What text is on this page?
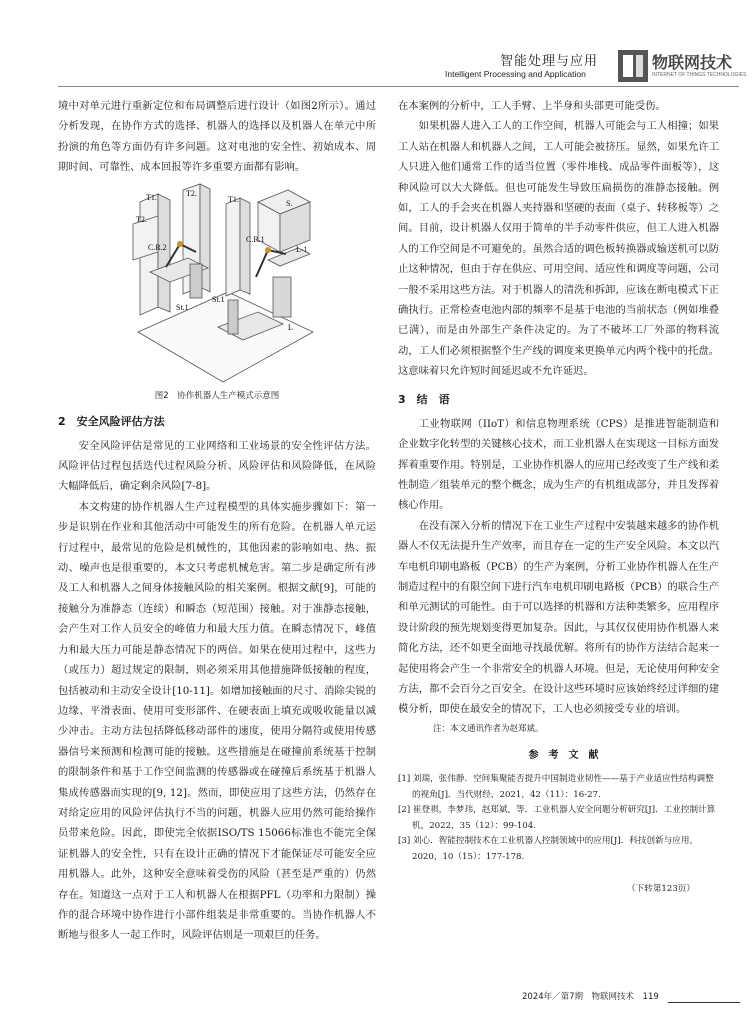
智能处理与应用
Intelligent Processing and Application
物联网技术
INTERNET OF THINGS TECHNOLOGIES

境中对单元进行重新定位和布局调整后进行设计（如图2所示）。通过分析发现，在协作方式的选择、机器人的选择以及机器人在单元中所扮演的角色等方面仍有许多问题。这对电池的安全性、初始成本、周期时间、可靠性、成本回报等许多重要方面都有影响。

T1.	T2.
T1.	S.
T2.
C.R.2
C.R.1
L-1
St.1
St.1
L
图2　协作机器人生产模式示意图

2　安全风险评估方法

安全风险评估是常见的工业网络和工业场景的安全性评估方法。风险评估过程包括迭代过程风险分析、风险评估和风险降低，在风险大幅降低后，确定剩余风险[7-8]。

本文构建的协作机器人生产过程模型的具体实施步骤如下：第一步是识别在作业和其他活动中可能发生的所有危险。在机器人单元运行过程中，最常见的危险是机械性的，其他因素的影响如电、热、振动、噪声也是很重要的，本文只考虑机械危害。第二步是确定所有涉及工人和机器人之间身体接触风险的相关案例。根据文献[9]，可能的接触分为准静态（连续）和瞬态（短范围）接触。对于准静态接触，会产生对工作人员安全的峰值力和最大压力值。在瞬态情况下，峰值力和最大压力可能是静态情况下的两倍。如果在使用过程中，这些力（或压力）超过规定的限制，则必须采用其他措施降低接触的程度，包括被动和主动安全设计[10-11]。如增加接触面的尺寸、消除尖锐的边缘、平滑表面、使用可变形部件、在硬表面上填充或吸收能量以减少冲击。主动方法包括降低移动部件的速度，使用分隔符或使用传感器信号来预测和检测可能的接触。这些措施是在碰撞前系统基于控制的限制条件和基于工作空间监测的传感器或在碰撞后系统基于机器人集成传感器而实现的[9, 12]。然而，即使应用了这些方法，仍然存在对给定应用的风险评估执行不当的问题，机器人应用仍然可能给操作员带来危险。因此，即使完全依据ISO/TS 15066标准也不能完全保证机器人的安全性，只有在设计正确的情况下才能保证尽可能安全应用机器人。此外，这种安全意味着受伤的风险（甚至是严重的）仍然存在。知道这一点对于工人和机器人在根据PFL（功率和力限制）操作的混合环境中协作进行小部件组装是非常重要的。当协作机器人不断地与很多人一起工作时，风险评估则是一项艰巨的任务。

在本案例的分析中，工人手臂、上半身和头部更可能受伤。

如果机器人进入工人的工作空间，机器人可能会与工人相撞；如果工人站在机器人和机器人之间，工人可能会被挤压。显然，如果允许工人只进入他们通常工作的适当位置（零件堆栈、成品零件面板等），这种风险可以大大降低。但也可能发生导致压扁损伤的准静态接触。例如，工人的手会夹在机器人夹持器和坚硬的表面（桌子、转移板等）之间。目前，设计机器人仅用于简单的半手动零件供应，但工人进入机器人的工作空间是不可避免的。虽然合适的调色板转换器或输送机可以防止这种情况，但由于存在供应、可用空间、适应性和调度等问题，公司一般不采用这些方法。对于机器人的清洗和拆卸，应该在断电模式下正确执行。正常检查电池内部的频率不是基于电池的当前状态（例如堆叠已满），而是由外部生产条件决定的。为了不破坏工厂外部的物料流动，工人们必须根据整个生产线的调度来更换单元内两个栈中的托盘。这意味着只允许短时间延迟或不允许延迟。

3　结　语

工业物联网（IIoT）和信息物理系统（CPS）是推进智能制造和企业数字化转型的关键核心技术，而工业机器人在实现这一目标方面发挥着重要作用。特别是，工业协作机器人的应用已经改变了生产线和柔性制造／组装单元的整个概念，成为生产的有机组成部分，并且发挥着核心作用。

在没有深入分析的情况下在工业生产过程中安装越来越多的协作机器人不仅无法提升生产效率，而且存在一定的生产安全风险。本文以汽车电机印刷电路板（PCB）的生产为案例，分析工业协作机器人在生产制造过程中的有限空间下进行汽车电机印刷电路板（PCB）的联合生产和单元测试的可能性。由于可以选择的机器和方法种类繁多，应用程序设计阶段的预先规划变得更加复杂。因此，与其仅仅使用协作机器人来简化方法，还不如更全面地寻找最优解。将所有的协作方法结合起来一起使用将会产生一个非常安全的机器人环境。但是，无论使用何种安全方法，都不会百分之百安全。在设计这些环境时应该始终经过详细的建模分析，即使在最安全的情况下，工人也必须接受专业的培训。

注：本文通讯作者为赵郑斌。

参考文献

[1] 刘瑞，张伟静．空间集聚能否提升中国制造业韧性——基于产业适应性结构调整的视角[J]．当代财经，2021，42（11）：16-27.

[2] 崔登祺，李梦玮，赵郑斌，等．工业机器人安全问题分析研究[J]．工业控制计算机，2022，35（12）：99-104.

[3] 刘心．智能控制技术在工业机器人控制领域中的应用[J]．科技创新与应用，2020，10（15）：177-178.

（下转第123页）

2024年／第7期　物联网技术　119
